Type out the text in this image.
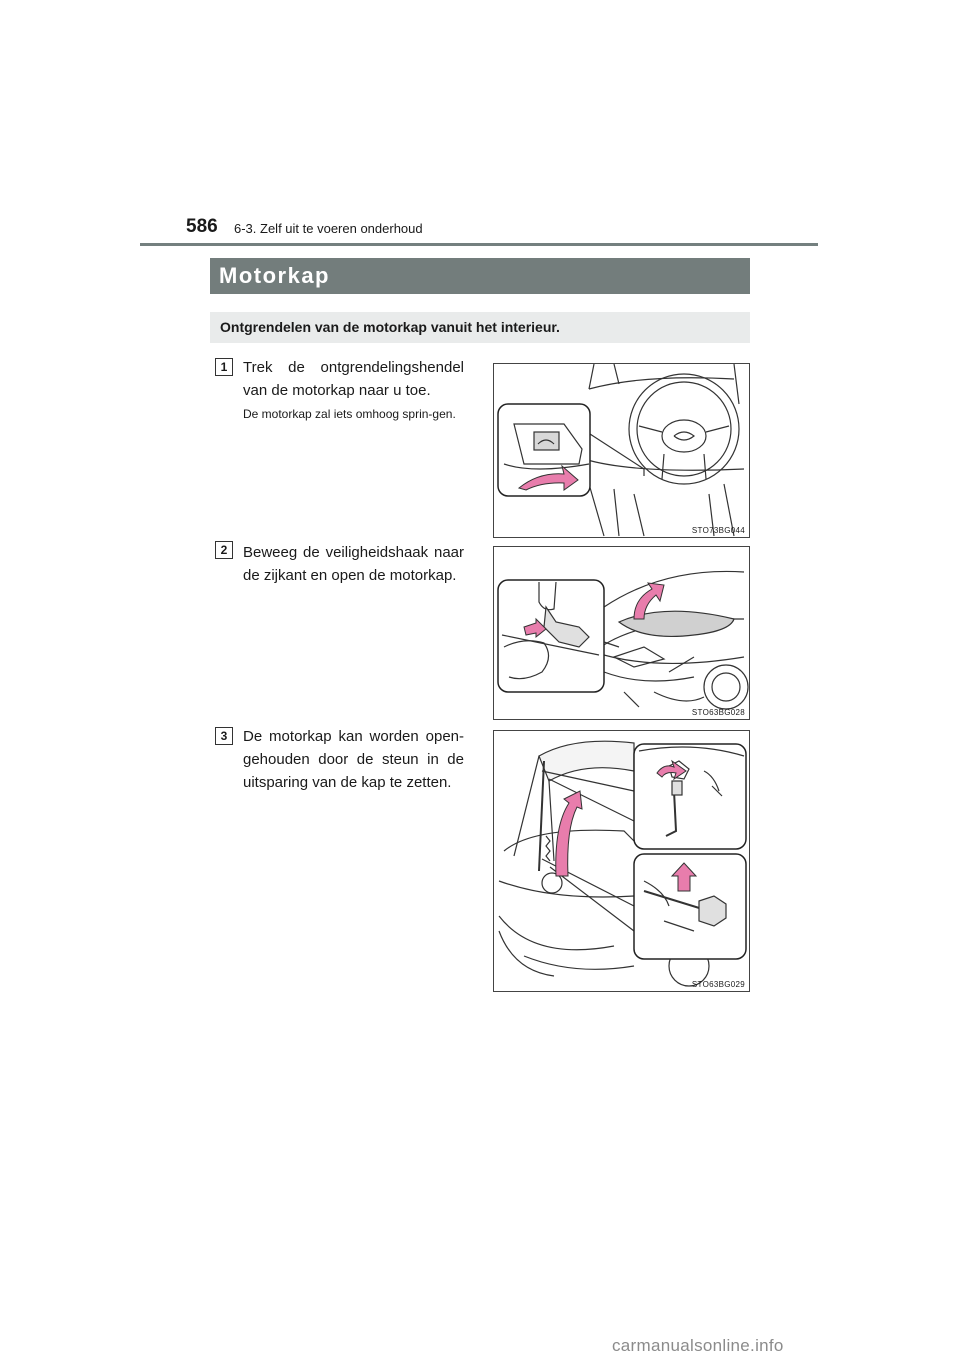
586 6-3. Zelf uit te voeren onderhoud
Motorkap
Ontgrendelen van de motorkap vanuit het interieur.
1	Trek de ontgrendelingshendel van de motorkap naar u toe.
De motorkap zal iets omhoog sprin-gen.
STO73BG044
2	Beweeg de veiligheidshaak naar de zijkant en open de motorkap.
STO63BG028
3	De motorkap kan worden open-gehouden door de steun in de uitsparing van de kap te zetten.
STO63BG029
carmanualsonline.info
